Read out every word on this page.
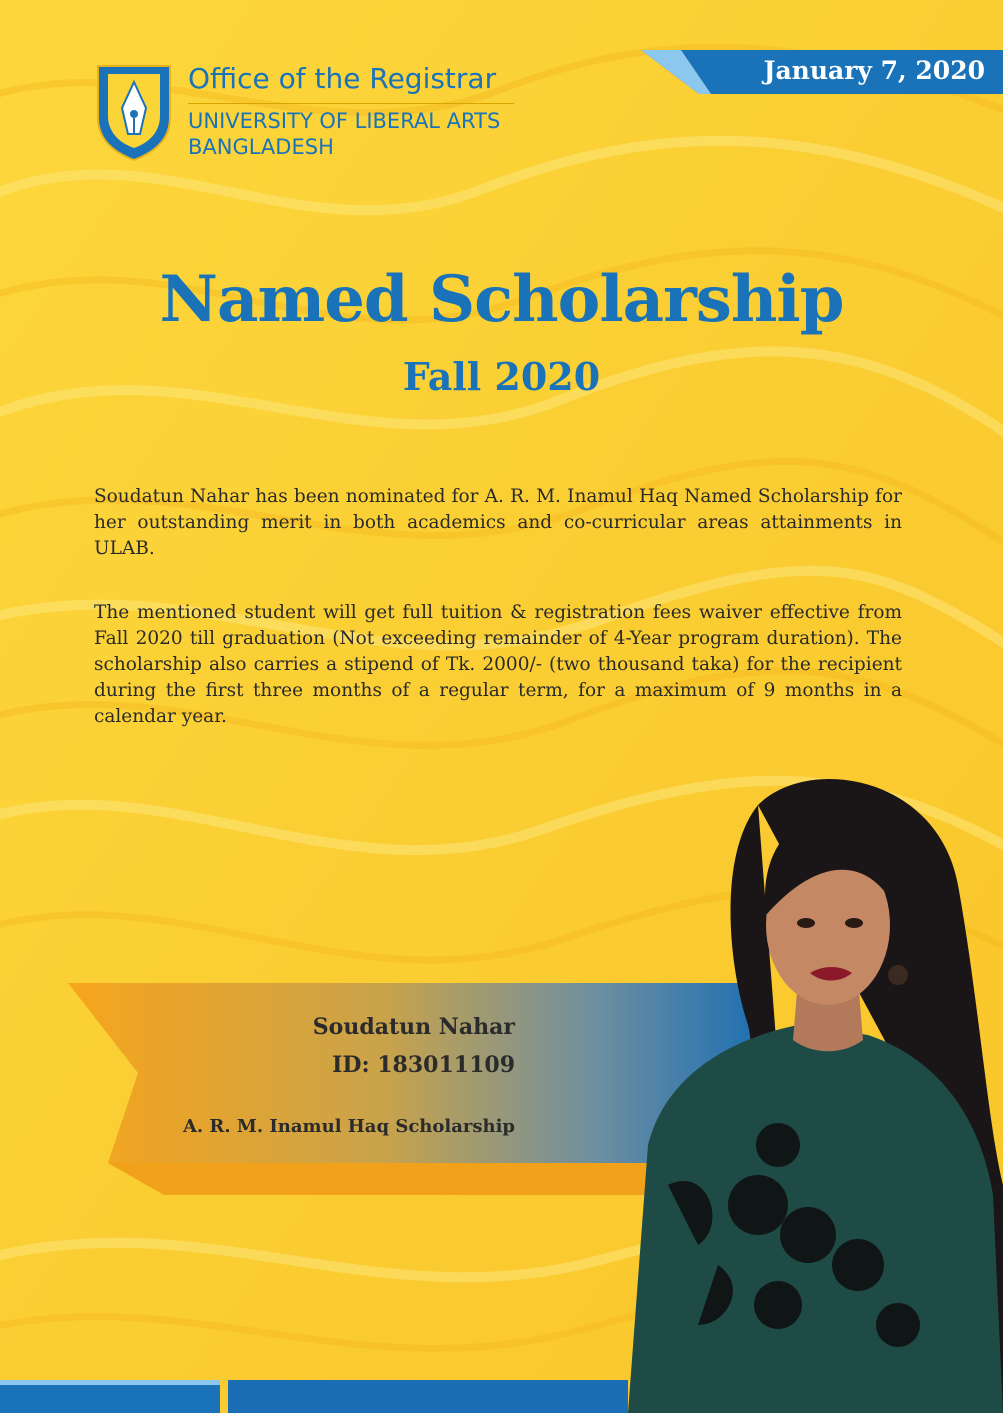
Office of the Registrar

UNIVERSITY OF LIBERAL ARTS

BANGLADESH

January 7, 2020

Named Scholarship
Fall 2020

Soudatun Nahar has been nominated for A. R. M. Inamul Haq Named Scholarship for her outstanding merit in both academics and co-curricular areas attainments in ULAB.

The mentioned student will get full tuition & registration fees waiver effective from Fall 2020 till graduation (Not exceeding remainder of 4-Year program duration). The scholarship also carries a stipend of Tk. 2000/- (two thousand taka) for the recipient during the first three months of a regular term, for a maximum of 9 months in a calendar year.

Soudatun Nahar

ID: 183011109

A. R. M. Inamul Haq Scholarship
